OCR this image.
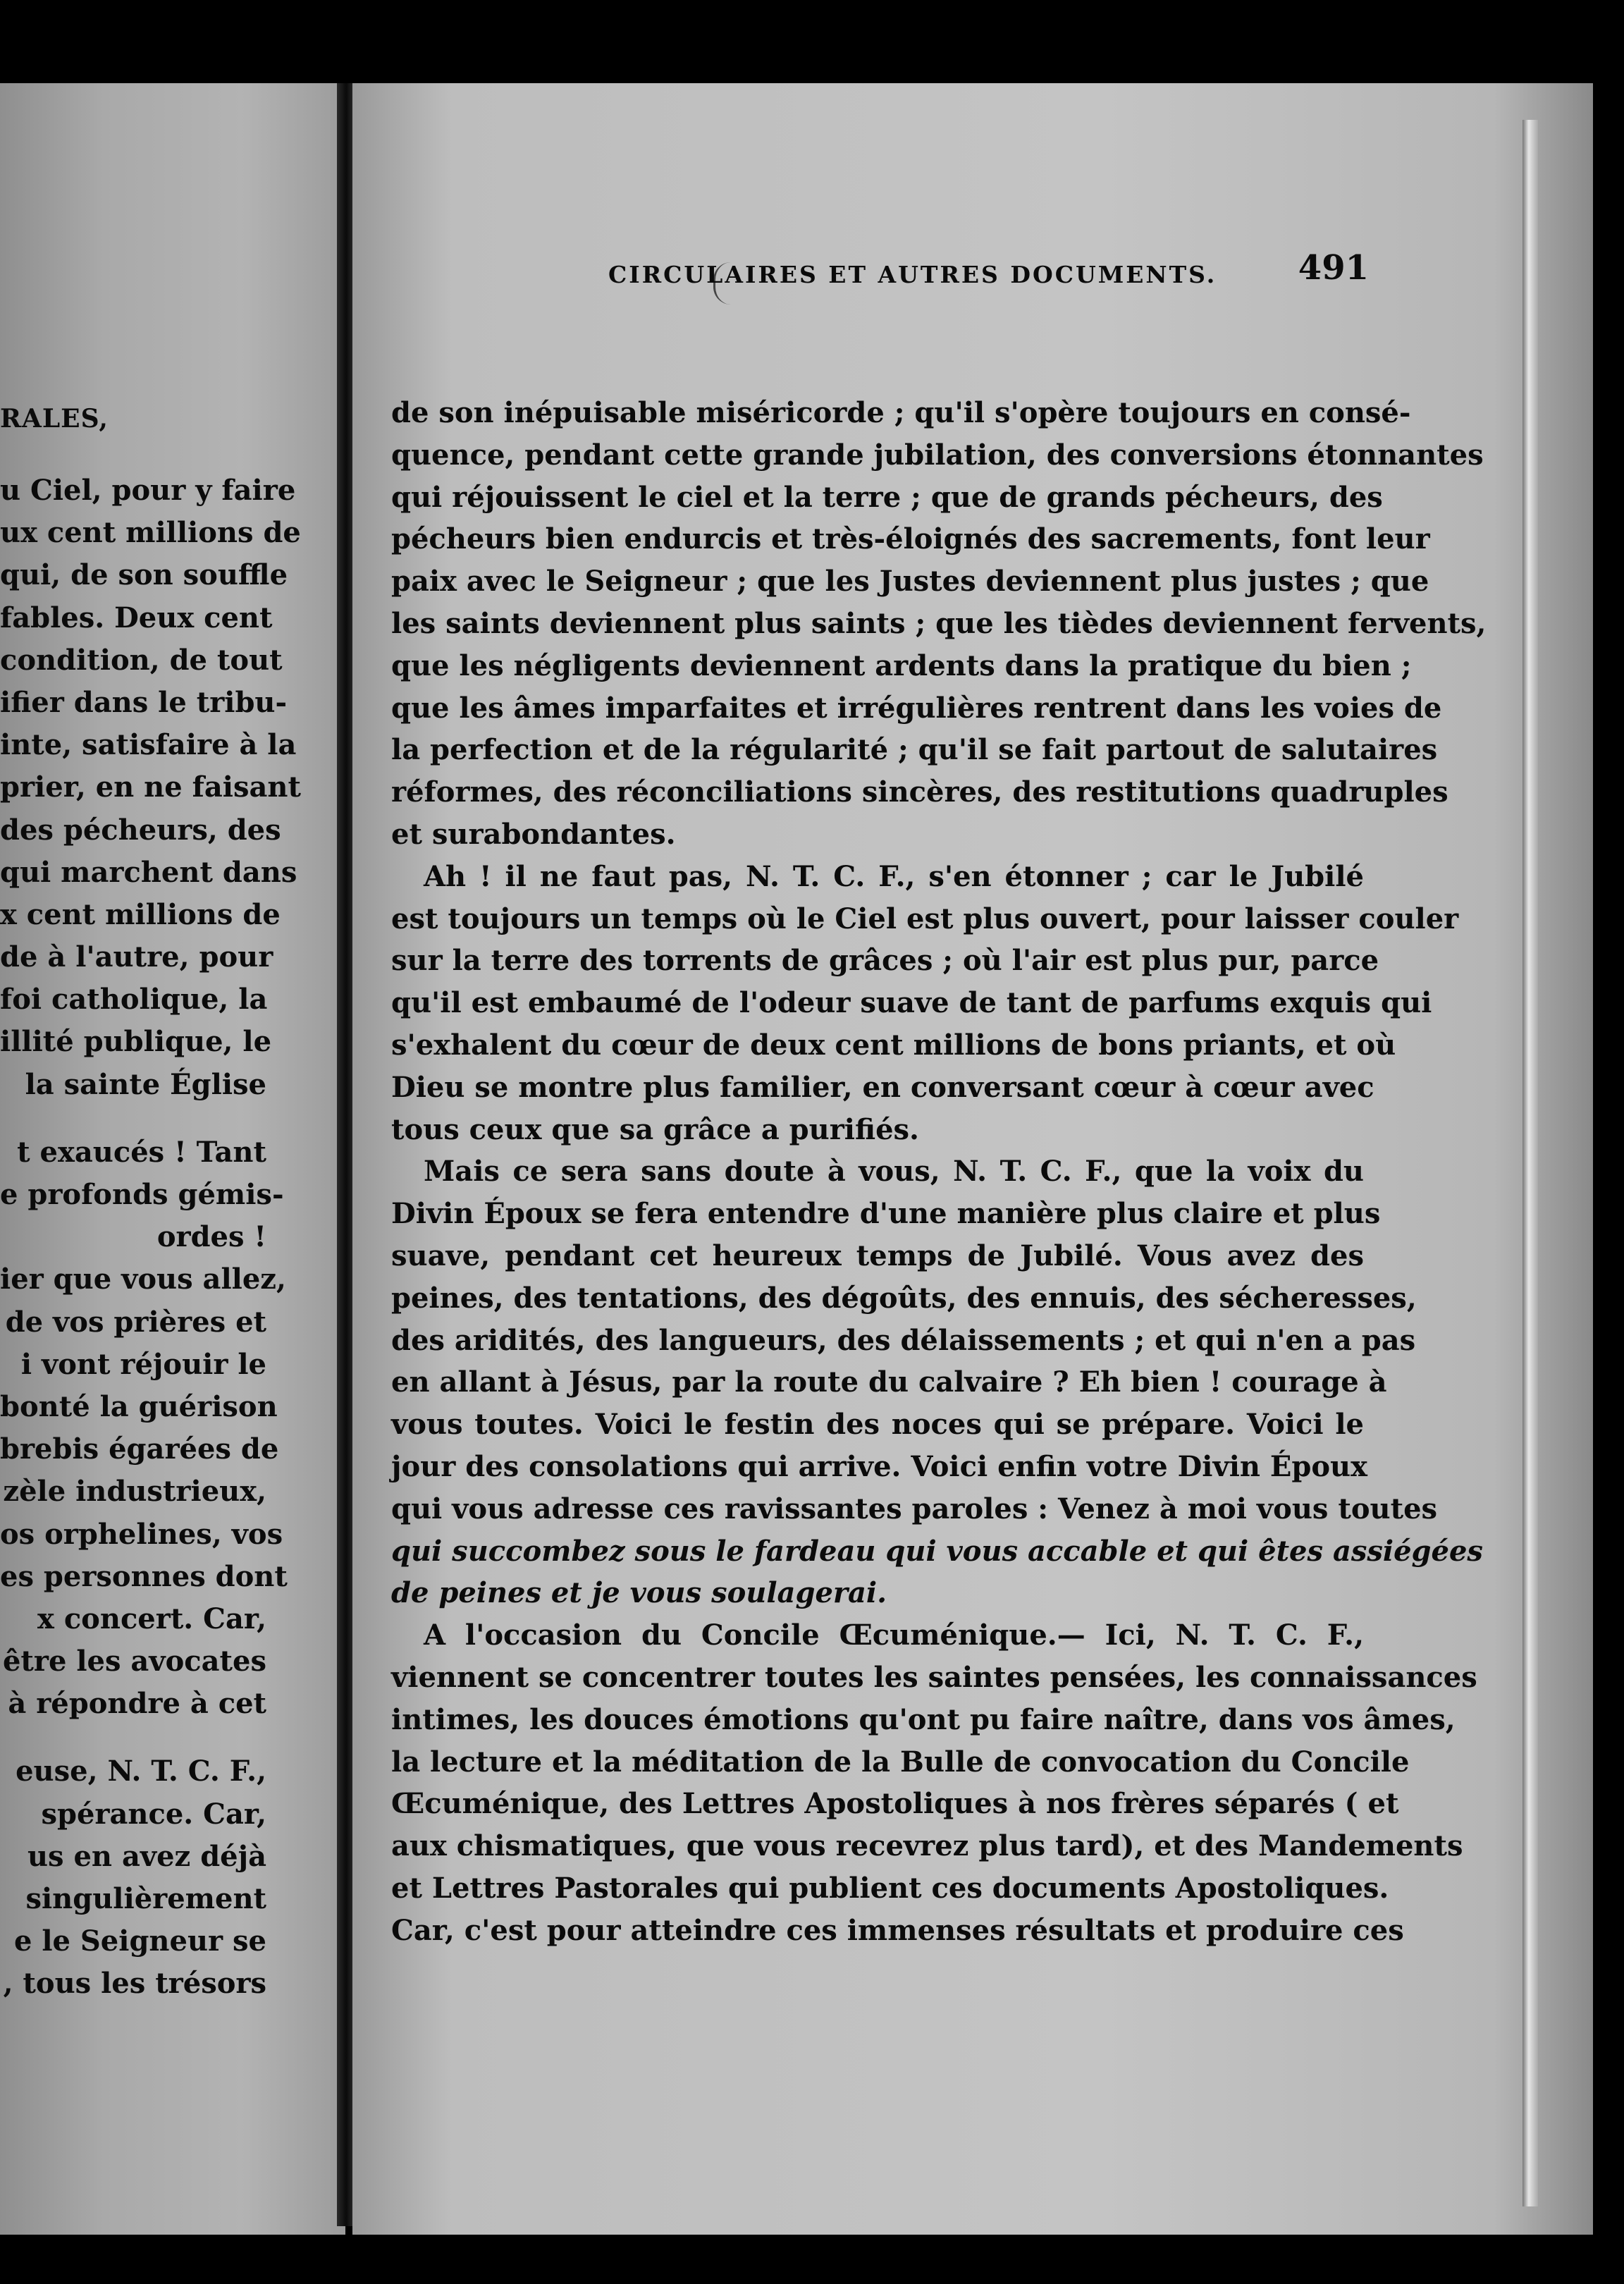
RALES,
u Ciel, pour y faire
ux cent millions de
qui, de son souffle
fables. Deux cent
condition, de tout
ifier dans le tribu-
inte, satisfaire à la
prier, en ne faisant
des pécheurs, des
qui marchent dans
x cent millions de
de à l'autre, pour
foi catholique, la
illité publique, le
la sainte Église
t exaucés ! Tant
e profonds gémis-
ordes !
ier que vous allez,
de vos prières et
i vont réjouir le
bonté la guérison
brebis égarées de
zèle industrieux,
os orphelines, vos
es personnes dont
x concert. Car,
être les avocates
à répondre à cet
euse, N. T. C. F.,
spérance. Car,
us en avez déjà
singulièrement
e le Seigneur se
, tous les trésors
CIRCULAIRES ET AUTRES DOCUMENTS. 491
de son inépuisable miséricorde ; qu'il s'opère toujours en consé-
quence, pendant cette grande jubilation, des conversions étonnantes
qui réjouissent le ciel et la terre ; que de grands pécheurs, des
pécheurs bien endurcis et très-éloignés des sacrements, font leur
paix avec le Seigneur ; que les Justes deviennent plus justes ; que
les saints deviennent plus saints ; que les tièdes deviennent fervents,
que les négligents deviennent ardents dans la pratique du bien ;
que les âmes imparfaites et irrégulières rentrent dans les voies de
la perfection et de la régularité ; qu'il se fait partout de salutaires
réformes, des réconciliations sincères, des restitutions quadruples
et surabondantes.
Ah ! il ne faut pas, N. T. C. F., s'en étonner ; car le Jubilé
est toujours un temps où le Ciel est plus ouvert, pour laisser couler
sur la terre des torrents de grâces ; où l'air est plus pur, parce
qu'il est embaumé de l'odeur suave de tant de parfums exquis qui
s'exhalent du cœur de deux cent millions de bons priants, et où
Dieu se montre plus familier, en conversant cœur à cœur avec
tous ceux que sa grâce a purifiés.
Mais ce sera sans doute à vous, N. T. C. F., que la voix du
Divin Époux se fera entendre d'une manière plus claire et plus
suave, pendant cet heureux temps de Jubilé. Vous avez des
peines, des tentations, des dégoûts, des ennuis, des sécheresses,
des aridités, des langueurs, des délaissements ; et qui n'en a pas
en allant à Jésus, par la route du calvaire ? Eh bien ! courage à
vous toutes. Voici le festin des noces qui se prépare. Voici le
jour des consolations qui arrive. Voici enfin votre Divin Époux
qui vous adresse ces ravissantes paroles : Venez à moi vous toutes
qui succombez sous le fardeau qui vous accable et qui êtes assiégées
de peines et je vous soulagerai.
A l'occasion du Concile Œcuménique.— Ici, N. T. C. F.,
viennent se concentrer toutes les saintes pensées, les connaissances
intimes, les douces émotions qu'ont pu faire naître, dans vos âmes,
la lecture et la méditation de la Bulle de convocation du Concile
Œcuménique, des Lettres Apostoliques à nos frères séparés ( et
aux chismatiques, que vous recevrez plus tard), et des Mandements
et Lettres Pastorales qui publient ces documents Apostoliques.
Car, c'est pour atteindre ces immenses résultats et produire ces
